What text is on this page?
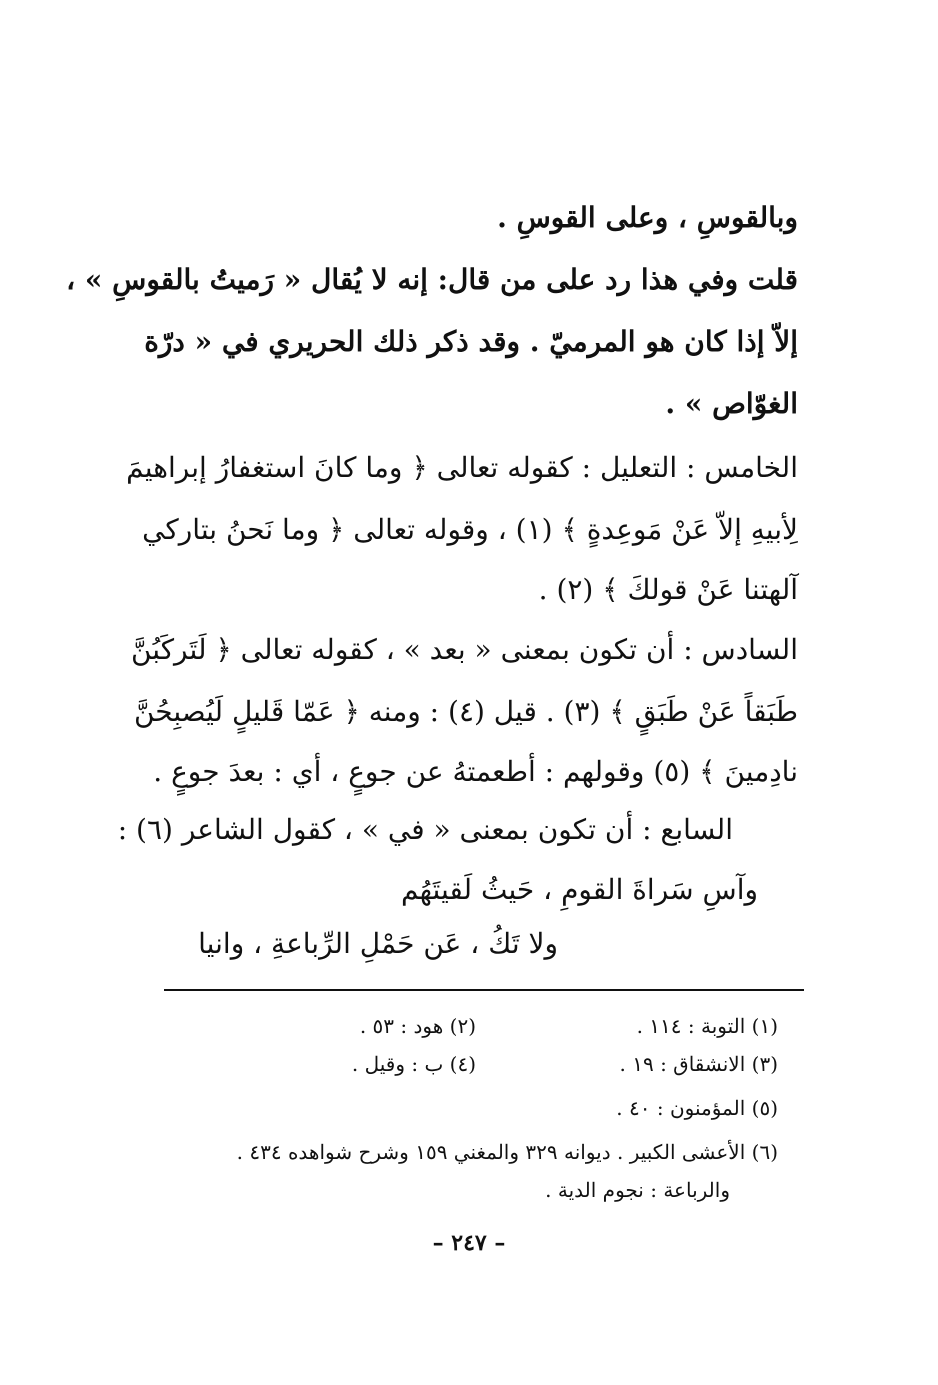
وبالقوسِ ، وعلى القوسِ .
قلت وفي هذا رد على من قال: إنه لا يُقال « رَميتُ بالقوسِ » ،
إلاّ إذا كان هو المرميّ . وقد ذكر ذلك الحريري في « درّة
الغوّاص » .
الخامس : التعليل : كقوله تعالى ﴿ وما كانَ استغفارُ إبراهيمَ
لِأبيهِ إلاّ عَنْ مَوعِدةٍ ﴾ (١) ، وقوله تعالى ﴿ وما نَحنُ بتاركي
آلهتنا عَنْ قولكَ ﴾ (٢) .
السادس : أن تكون بمعنى « بعد » ، كقوله تعالى ﴿ لَتَركَبُنَّ
طَبَقاً عَنْ طَبَقٍ ﴾ (٣) . قيل (٤) : ومنه ﴿ عَمّا قَليلٍ لَيُصبِحُنَّ
نادِمينَ ﴾ (٥) وقولهم : أطعمتهُ عن جوعٍ ، أي : بعدَ جوعٍ .
السابع : أن تكون بمعنى « في » ، كقول الشاعر (٦) :
وآسِ سَراةَ القومِ ، حَيثُ لَقيتَهُم
ولا تَكُ ، عَن حَمْلِ الرِّباعةِ ، وانيا
(١) التوبة : ١١٤ .
(٢) هود : ٥٣ .
(٣) الانشقاق : ١٩ .
(٤) ب : وقيل .
(٥) المؤمنون : ٤٠ .
(٦) الأعشى الكبير . ديوانه ٣٢٩ والمغني ١٥٩ وشرح شواهده ٤٣٤ .
والرباعة : نجوم الدية .
– ٢٤٧ –
